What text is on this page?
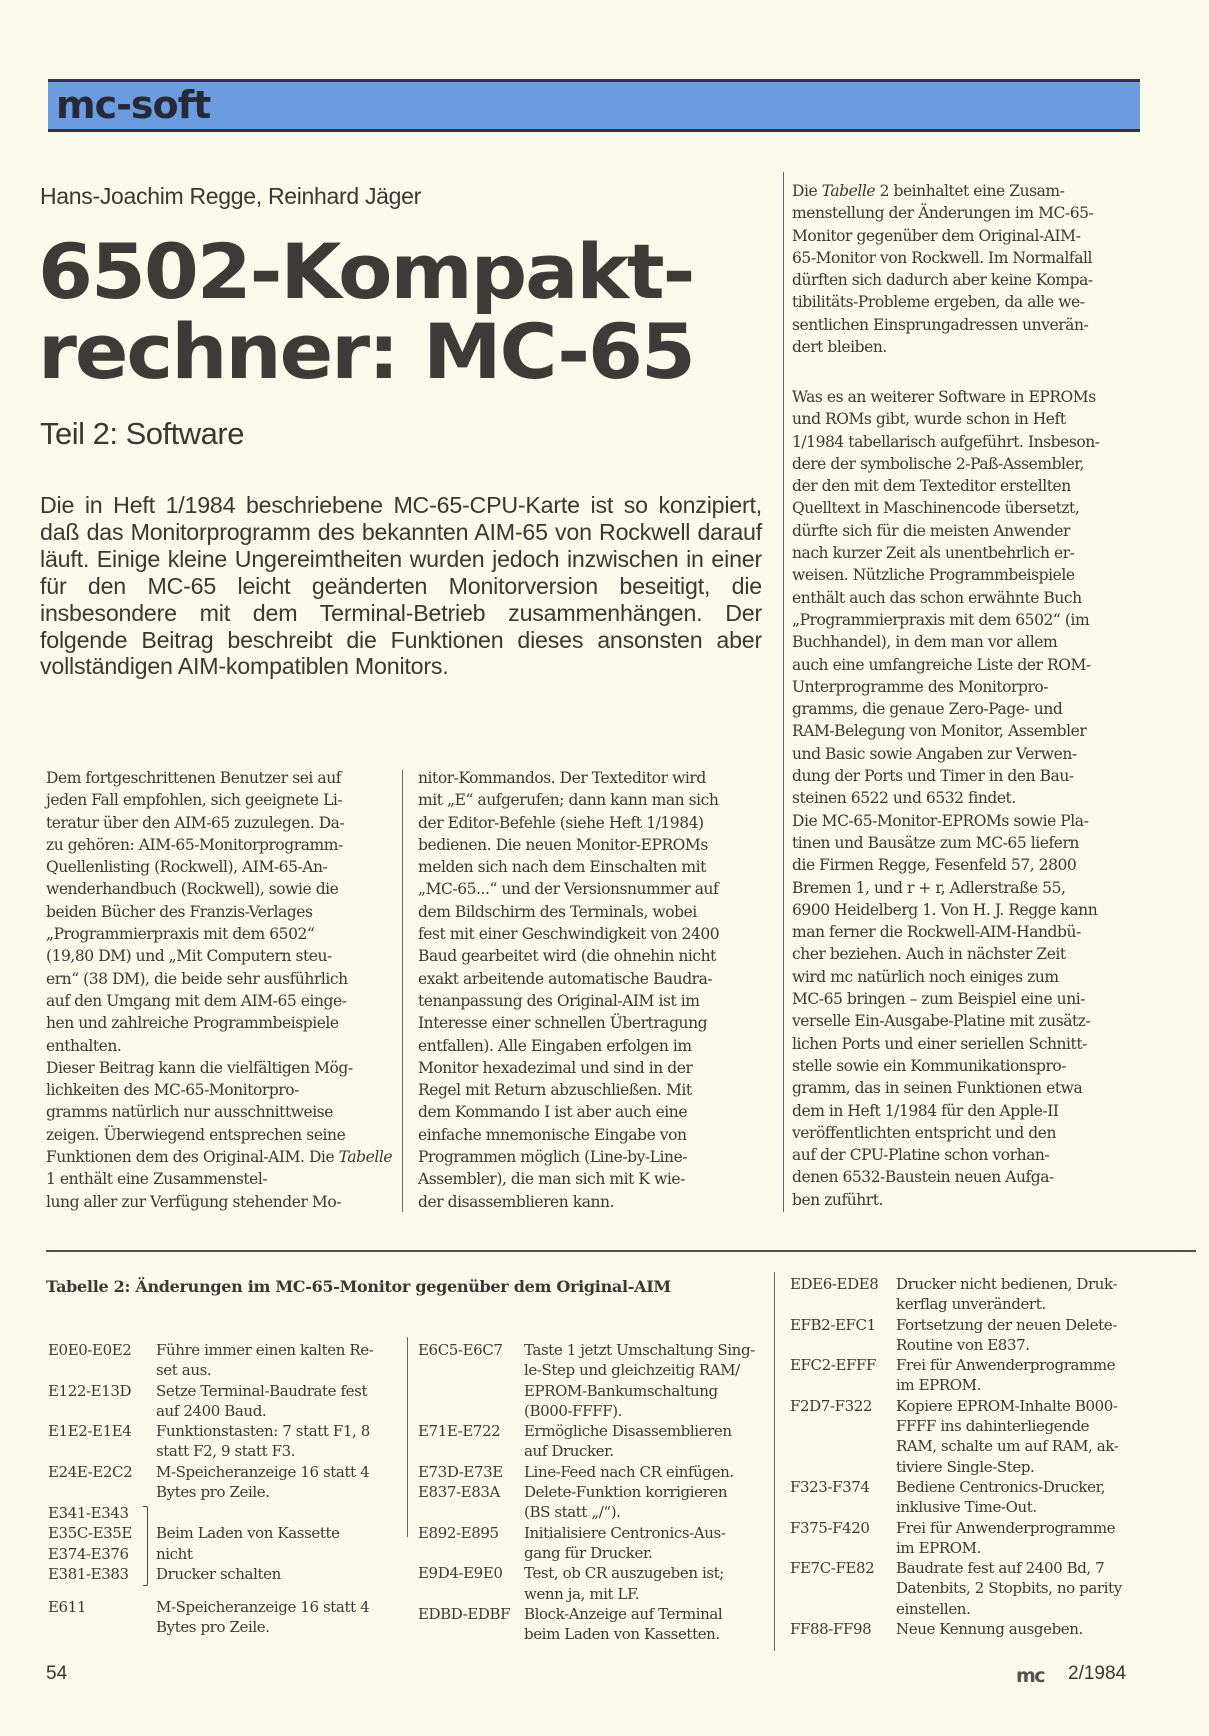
mc-soft
Hans-Joachim Regge, Reinhard Jäger
6502-Kompakt-
rechner: MC-65
Teil 2: Software
Die in Heft 1/1984 beschriebene MC-65-CPU-Karte ist so konzipiert, daß das Monitorprogramm des bekannten AIM-65 von Rockwell darauf läuft. Einige kleine Ungereimtheiten wurden jedoch inzwischen in einer für den MC-65 leicht geänderten Monitorversion beseitigt, die insbesondere mit dem Terminal-Betrieb zusammenhängen. Der folgende Beitrag beschreibt die Funktionen dieses ansonsten aber vollständigen AIM-kompatiblen Monitors.
Dem fortgeschrittenen Benutzer sei auf
jeden Fall empfohlen, sich geeignete Li-
teratur über den AIM-65 zuzulegen. Da-
zu gehören: AIM-65-Monitorprogramm-
Quellenlisting (Rockwell), AIM-65-An-
wenderhandbuch (Rockwell), sowie die
beiden Bücher des Franzis-Verlages
„Programmierpraxis mit dem 6502“
(19,80 DM) und „Mit Computern steu-
ern“ (38 DM), die beide sehr ausführlich
auf den Umgang mit dem AIM-65 einge-
hen und zahlreiche Programmbeispiele
enthalten.
Dieser Beitrag kann die vielfältigen Mög-
lichkeiten des MC-65-Monitorpro-
gramms natürlich nur ausschnittweise
zeigen. Überwiegend entsprechen seine
Funktionen dem des Original-AIM. Die Tabelle 1 enthält eine Zusammenstel-
lung aller zur Verfügung stehender Mo-
nitor-Kommandos. Der Texteditor wird
mit „E“ aufgerufen; dann kann man sich
der Editor-Befehle (siehe Heft 1/1984)
bedienen. Die neuen Monitor-EPROMs
melden sich nach dem Einschalten mit
„MC-65...“ und der Versionsnummer auf
dem Bildschirm des Terminals, wobei
fest mit einer Geschwindigkeit von 2400
Baud gearbeitet wird (die ohnehin nicht
exakt arbeitende automatische Baudra-
tenanpassung des Original-AIM ist im
Interesse einer schnellen Übertragung
entfallen). Alle Eingaben erfolgen im
Monitor hexadezimal und sind in der
Regel mit Return abzuschließen. Mit
dem Kommando I ist aber auch eine
einfache mnemonische Eingabe von
Programmen möglich (Line-by-Line-
Assembler), die man sich mit K wie-
der disassemblieren kann.
Die Tabelle 2 beinhaltet eine Zusam-
menstellung der Änderungen im MC-65-
Monitor gegenüber dem Original-AIM-
65-Monitor von Rockwell. Im Normalfall
dürften sich dadurch aber keine Kompa-
tibilitäts-Probleme ergeben, da alle we-
sentlichen Einsprungadressen unverän-
dert bleiben.
Was es an weiterer Software in EPROMs
und ROMs gibt, wurde schon in Heft
1/1984 tabellarisch aufgeführt. Insbeson-
dere der symbolische 2-Paß-Assembler,
der den mit dem Texteditor erstellten
Quelltext in Maschinencode übersetzt,
dürfte sich für die meisten Anwender
nach kurzer Zeit als unentbehrlich er-
weisen. Nützliche Programmbeispiele
enthält auch das schon erwähnte Buch
„Programmierpraxis mit dem 6502“ (im
Buchhandel), in dem man vor allem
auch eine umfangreiche Liste der ROM-
Unterprogramme des Monitorpro-
gramms, die genaue Zero-Page- und
RAM-Belegung von Monitor, Assembler
und Basic sowie Angaben zur Verwen-
dung der Ports und Timer in den Bau-
steinen 6522 und 6532 findet.
Die MC-65-Monitor-EPROMs sowie Pla-
tinen und Bausätze zum MC-65 liefern
die Firmen Regge, Fesenfeld 57, 2800
Bremen 1, und r + r, Adlerstraße 55,
6900 Heidelberg 1. Von H. J. Regge kann
man ferner die Rockwell-AIM-Handbü-
cher beziehen. Auch in nächster Zeit
wird mc natürlich noch einiges zum
MC-65 bringen – zum Beispiel eine uni-
verselle Ein-Ausgabe-Platine mit zusätz-
lichen Ports und einer seriellen Schnitt-
stelle sowie ein Kommunikationspro-
gramm, das in seinen Funktionen etwa
dem in Heft 1/1984 für den Apple-II
veröffentlichten entspricht und den
auf der CPU-Platine schon vorhan-
denen 6532-Baustein neuen Aufga-
ben zuführt.
Tabelle 2: Änderungen im MC-65-Monitor gegenüber dem Original-AIM
E0E0-E0E2 Führe immer einen kalten Re-
set aus.
E122-E13D Setze Terminal-Baudrate fest
auf 2400 Baud.
E1E2-E1E4 Funktionstasten: 7 statt F1, 8
statt F2, 9 statt F3.
E24E-E2C2 M-Speicheranzeige 16 statt 4
Bytes pro Zeile.
E6C5-E6C7 Taste 1 jetzt Umschaltung Sing-
le-Step und gleichzeitig RAM/
EPROM-Bankumschaltung
(B000-FFFF).
E71E-E722 Ermögliche Disassemblieren
auf Drucker.
E73D-E73E Line-Feed nach CR einfügen.
E837-E83A Delete-Funktion korrigieren
(BS statt „/“).
E892-E895 Initialisiere Centronics-Aus-
gang für Drucker.
E9D4-E9E0 Test, ob CR auszugeben ist;
wenn ja, mit LF.
EDBD-EDBF Block-Anzeige auf Terminal
beim Laden von Kassetten.
EDE6-EDE8 Drucker nicht bedienen, Druk-
kerflag unverändert.
EFB2-EFC1 Fortsetzung der neuen Delete-
Routine von E837.
EFC2-EFFF Frei für Anwenderprogramme
im EPROM.
F2D7-F322 Kopiere EPROM-Inhalte B000-
FFFF ins dahinterliegende
RAM, schalte um auf RAM, ak-
tiviere Single-Step.
F323-F374 Bediene Centronics-Drucker,
inklusive Time-Out.
F375-F420 Frei für Anwenderprogramme
im EPROM.
FE7C-FE82 Baudrate fest auf 2400 Bd, 7
Datenbits, 2 Stopbits, no parity
einstellen.
FF88-FF98 Neue Kennung ausgeben.
E341-E343
E35C-E35E
E374-E376
E381-E383
Beim Laden von Kassette nicht
Drucker schalten
E611	M-Speicheranzeige 16 statt 4
Bytes pro Zeile.
54	mc 2/1984
